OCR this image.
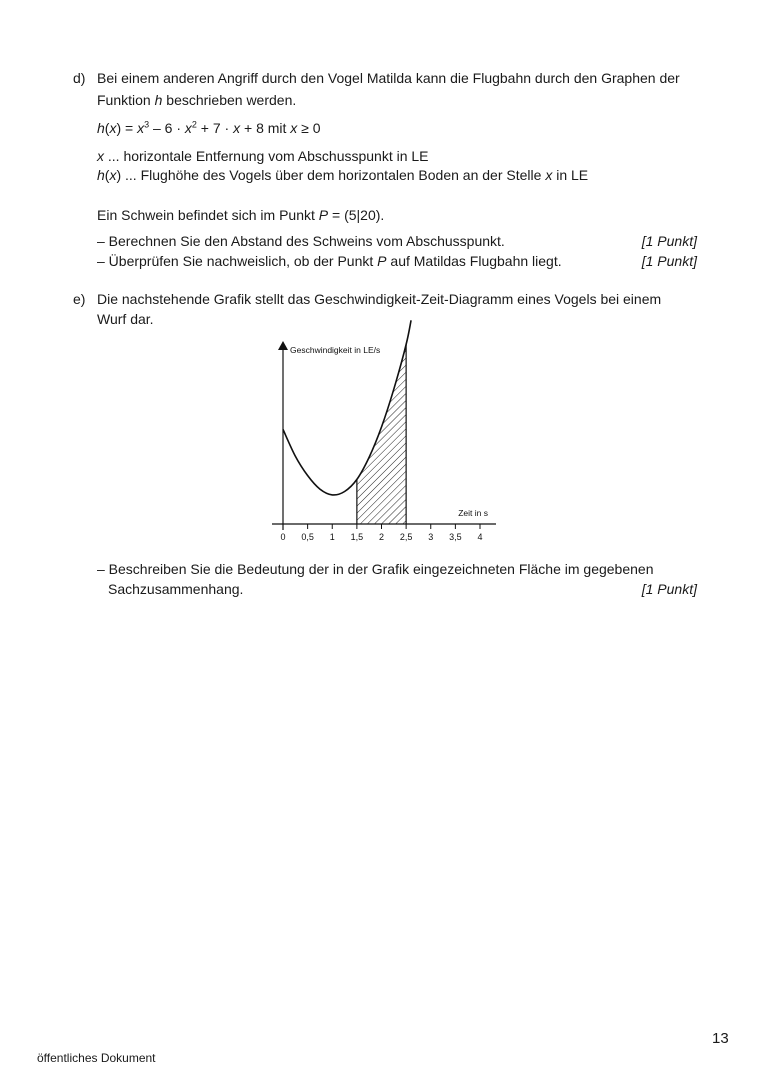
d) Bei einem anderen Angriff durch den Vogel Matilda kann die Flugbahn durch den Graphen der
Funktion h beschrieben werden.
$h(x) = x^3 - 6 \cdot x^2 + 7 \cdot x + 8$ mit x ≥ 0
x ... horizontale Entfernung vom Abschusspunkt in LE
h(x) ... Flughöhe des Vogels über dem horizontalen Boden an der Stelle x in LE
Ein Schwein befindet sich im Punkt P = (5|20).
– Berechnen Sie den Abstand des Schweins vom Abschusspunkt.	[1 Punkt]
– Überprüfen Sie nachweislich, ob der Punkt P auf Matildas Flugbahn liegt.	[1 Punkt]
e) Die nachstehende Grafik stellt das Geschwindigkeit-Zeit-Diagramm eines Vogels bei einem
Wurf dar.
0 0,5 1 1,5 2 2,5 3 3,5 4
Geschwindigkeit in LE/s
Zeit in s
– Beschreiben Sie die Bedeutung der in der Grafik eingezeichneten Fläche im gegebenen
Sachzusammenhang.	[1 Punkt]
13
öffentliches Dokument
